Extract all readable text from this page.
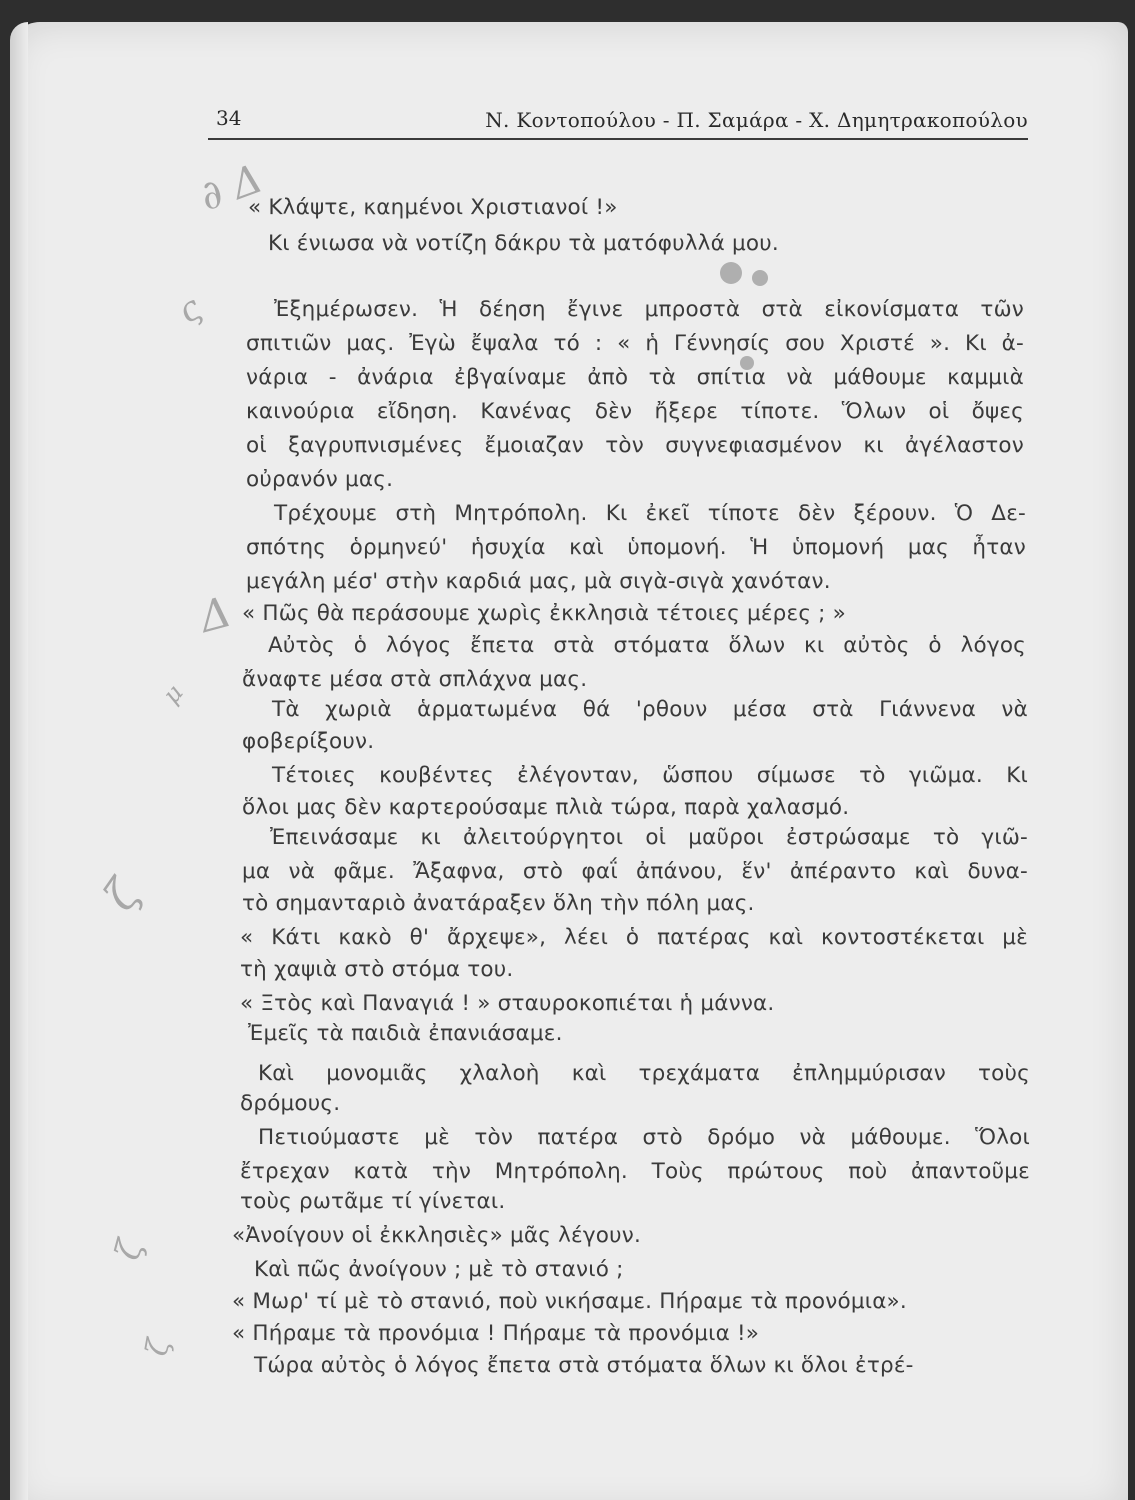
34	Ν. Κοντοπούλου - Π. Σαμάρα - Χ. Δημητρακοπούλου
∂ Δ
ς
Δ
μ
ζ
ζ
ζ
« Κλάψτε, καημένοι Χριστιανοί !»
Κι ένιωσα νὰ νοτίζη δάκρυ τὰ ματόφυλλά μου.
Ἐξημέρωσεν. Ἡ δέηση ἔγινε μπροστὰ στὰ εἰκονίσματα τῶν
σπιτιῶν μας. Ἐγὼ ἔψαλα τό : « ἡ Γέννησίς σου Χριστέ ». Κι ἀ-
νάρια - ἀνάρια ἐβγαίναμε ἀπὸ τὰ σπίτια νὰ μάθουμε καμμιὰ
καινούρια εἴδηση. Κανένας δὲν ἤξερε τίποτε. Ὅλων οἱ ὄψες
οἱ ξαγρυπνισμένες ἔμοιαζαν τὸν συγνεφιασμένον κι ἀγέλαστον
οὐρανόν μας.
Τρέχουμε στὴ Μητρόπολη. Κι ἐκεῖ τίποτε δὲν ξέρουν. Ὁ Δε-
σπότης ὁρμηνεύ' ἡσυχία καὶ ὑπομονή. Ἡ ὑπομονή μας ἦταν
μεγάλη μέσ' στὴν καρδιά μας, μὰ σιγὰ-σιγὰ χανόταν.
« Πῶς θὰ περάσουμε χωρὶς ἐκκλησιὰ τέτοιες μέρες ; »
Αὐτὸς ὁ λόγος ἔπετα στὰ στόματα ὅλων κι αὐτὸς ὁ λόγος
ἄναφτε μέσα στὰ σπλάχνα μας.
Τὰ χωριὰ ἁρματωμένα θά 'ρθουν μέσα στὰ Γιάννενα νὰ
φοβερίξουν.
Τέτοιες κουβέντες ἐλέγονταν, ὥσπου σίμωσε τὸ γιῶμα. Κι
ὅλοι μας δὲν καρτερούσαμε πλιὰ τώρα, παρὰ χαλασμό.
Ἐπεινάσαμε κι ἀλειτούργητοι οἱ μαῦροι ἐστρώσαμε τὸ γιῶ-
μα νὰ φᾶμε. Ἄξαφνα, στὸ φαΐ ἀπάνου, ἕν' ἀπέραντο καὶ δυνα-
τὸ σημανταριὸ ἀνατάραξεν ὅλη τὴν πόλη μας.
« Κάτι κακὸ θ' ἄρχεψε», λέει ὁ πατέρας καὶ κοντοστέκεται μὲ
τὴ χαψιὰ στὸ στόμα του.
« Ξτὸς καὶ Παναγιά ! » σταυροκοπιέται ἡ μάννα.
Ἐμεῖς τὰ παιδιὰ ἐπανιάσαμε.
Καὶ μονομιᾶς χλαλοὴ καὶ τρεχάματα ἐπλημμύρισαν τοὺς
δρόμους.
Πετιούμαστε μὲ τὸν πατέρα στὸ δρόμο νὰ μάθουμε. Ὅλοι
ἔτρεχαν κατὰ τὴν Μητρόπολη. Τοὺς πρώτους ποὺ ἀπαντοῦμε
τοὺς ρωτᾶμε τί γίνεται.
«Ἀνοίγουν οἱ ἐκκλησιὲς» μᾶς λέγουν.
Καὶ πῶς ἀνοίγουν ; μὲ τὸ στανιό ;
« Μωρ' τί μὲ τὸ στανιό, ποὺ νικήσαμε. Πήραμε τὰ προνόμια».
« Πήραμε τὰ προνόμια ! Πήραμε τὰ προνόμια !»
Τώρα αὐτὸς ὁ λόγος ἔπετα στὰ στόματα ὅλων κι ὅλοι ἐτρέ-
